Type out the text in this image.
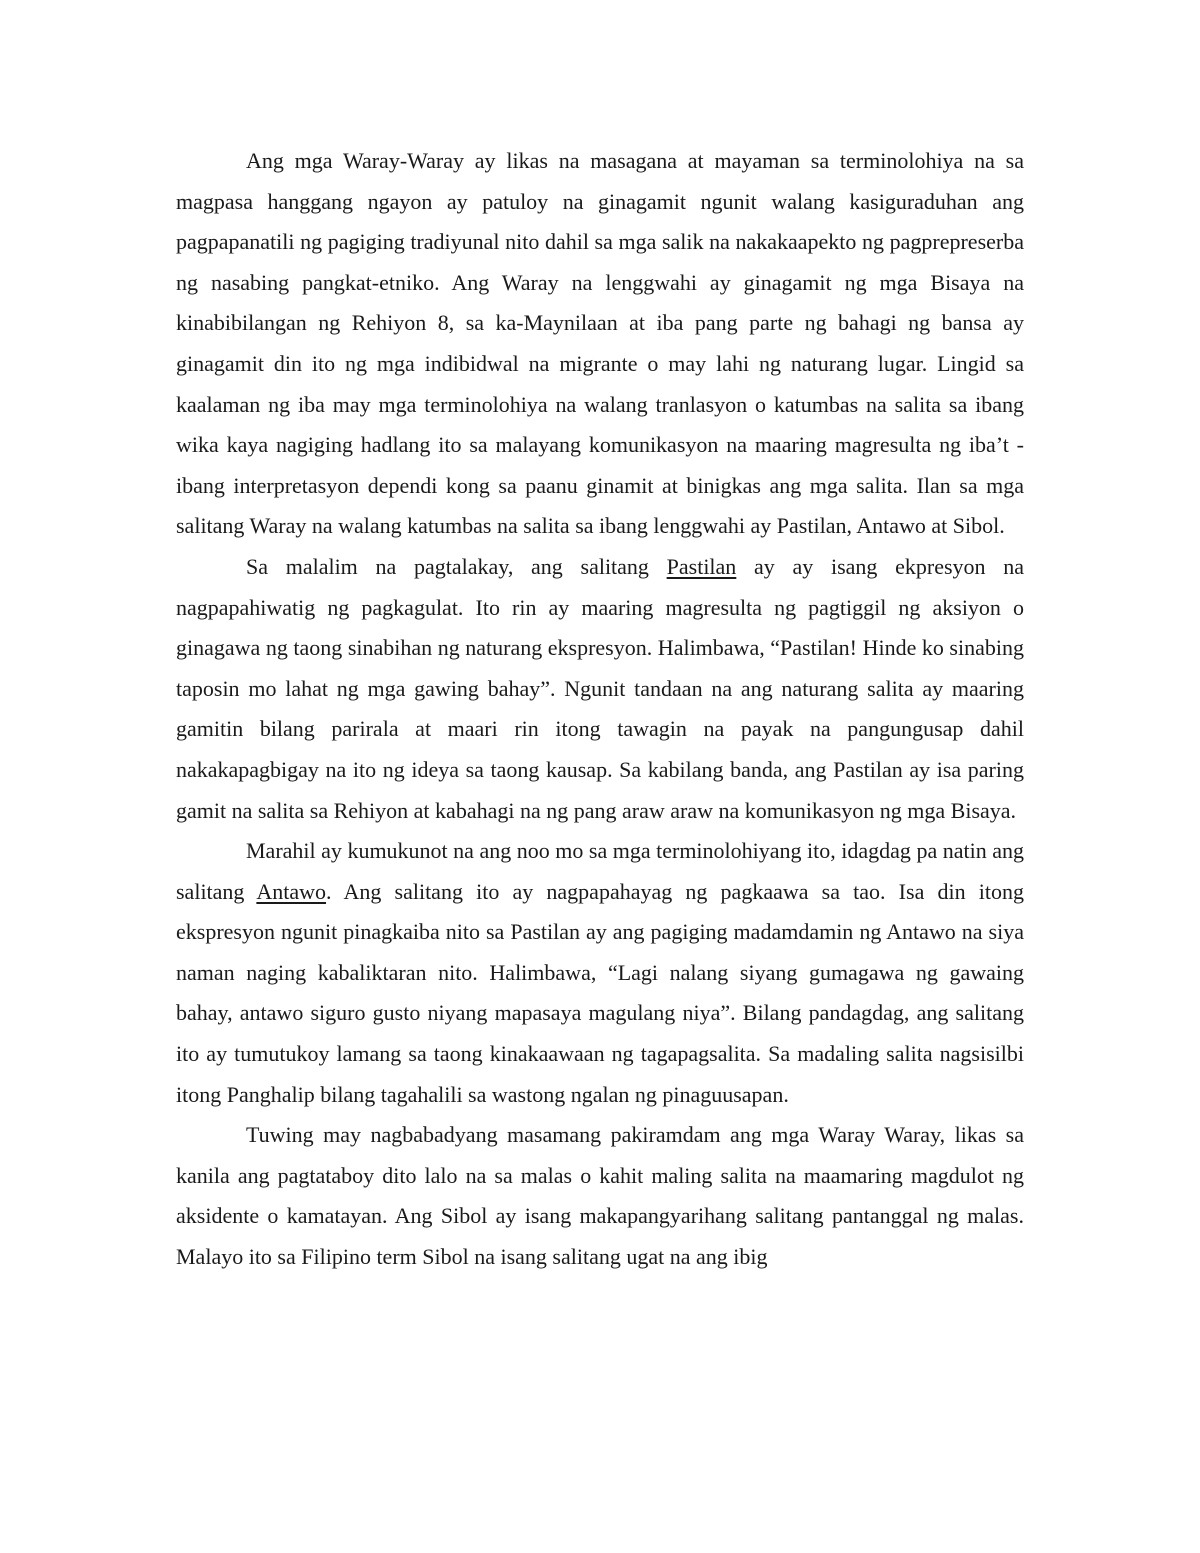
Ang mga Waray-Waray ay likas na masagana at mayaman sa terminolohiya na sa magpasa hanggang ngayon ay patuloy na ginagamit ngunit walang kasiguraduhan ang pagpapanatili ng pagiging tradiyunal nito dahil sa mga salik na nakakaapekto ng pagprepreserba ng nasabing pangkat-etniko. Ang Waray na lenggwahi ay ginagamit ng mga Bisaya na kinabibilangan ng Rehiyon 8, sa ka-Maynilaan at iba pang parte ng bahagi ng bansa ay ginagamit din ito ng mga indibidwal na migrante o may lahi ng naturang lugar. Lingid sa kaalaman ng iba may mga terminolohiya na walang tranlasyon o katumbas na salita sa ibang wika kaya nagiging hadlang ito sa malayang komunikasyon na maaring magresulta ng iba’t -ibang interpretasyon dependi kong sa paanu ginamit at binigkas ang mga salita. Ilan sa mga salitang Waray na walang katumbas na salita sa ibang lenggwahi ay Pastilan, Antawo at Sibol.

Sa malalim na pagtalakay, ang salitang Pastilan ay ay isang ekpresyon na nagpapahiwatig ng pagkagulat. Ito rin ay maaring magresulta ng pagtiggil ng aksiyon o ginagawa ng taong sinabihan ng naturang ekspresyon. Halimbawa, “Pastilan! Hinde ko sinabing taposin mo lahat ng mga gawing bahay”. Ngunit tandaan na ang naturang salita ay maaring gamitin bilang parirala at maari rin itong tawagin na payak na pangungusap dahil nakakapagbigay na ito ng ideya sa taong kausap. Sa kabilang banda, ang Pastilan ay isa paring gamit na salita sa Rehiyon at kabahagi na ng pang araw araw na komunikasyon ng mga Bisaya.

Marahil ay kumukunot na ang noo mo sa mga terminolohiyang ito, idagdag pa natin ang salitang Antawo. Ang salitang ito ay nagpapahayag ng pagkaawa sa tao. Isa din itong ekspresyon ngunit pinagkaiba nito sa Pastilan ay ang pagiging madamdamin ng Antawo na siya naman naging kabaliktaran nito. Halimbawa, “Lagi nalang siyang gumagawa ng gawaing bahay, antawo siguro gusto niyang mapasaya magulang niya”. Bilang pandagdag, ang salitang ito ay tumutukoy lamang sa taong kinakaawaan ng tagapagsalita. Sa madaling salita nagsisilbi itong Panghalip bilang tagahalili sa wastong ngalan ng pinaguusapan.

Tuwing may nagbabadyang masamang pakiramdam ang mga Waray Waray, likas sa kanila ang pagtataboy dito lalo na sa malas o kahit maling salita na maamaring magdulot ng aksidente o kamatayan. Ang Sibol ay isang makapangyarihang salitang pantanggal ng malas. Malayo ito sa Filipino term Sibol na isang salitang ugat na ang ibig
